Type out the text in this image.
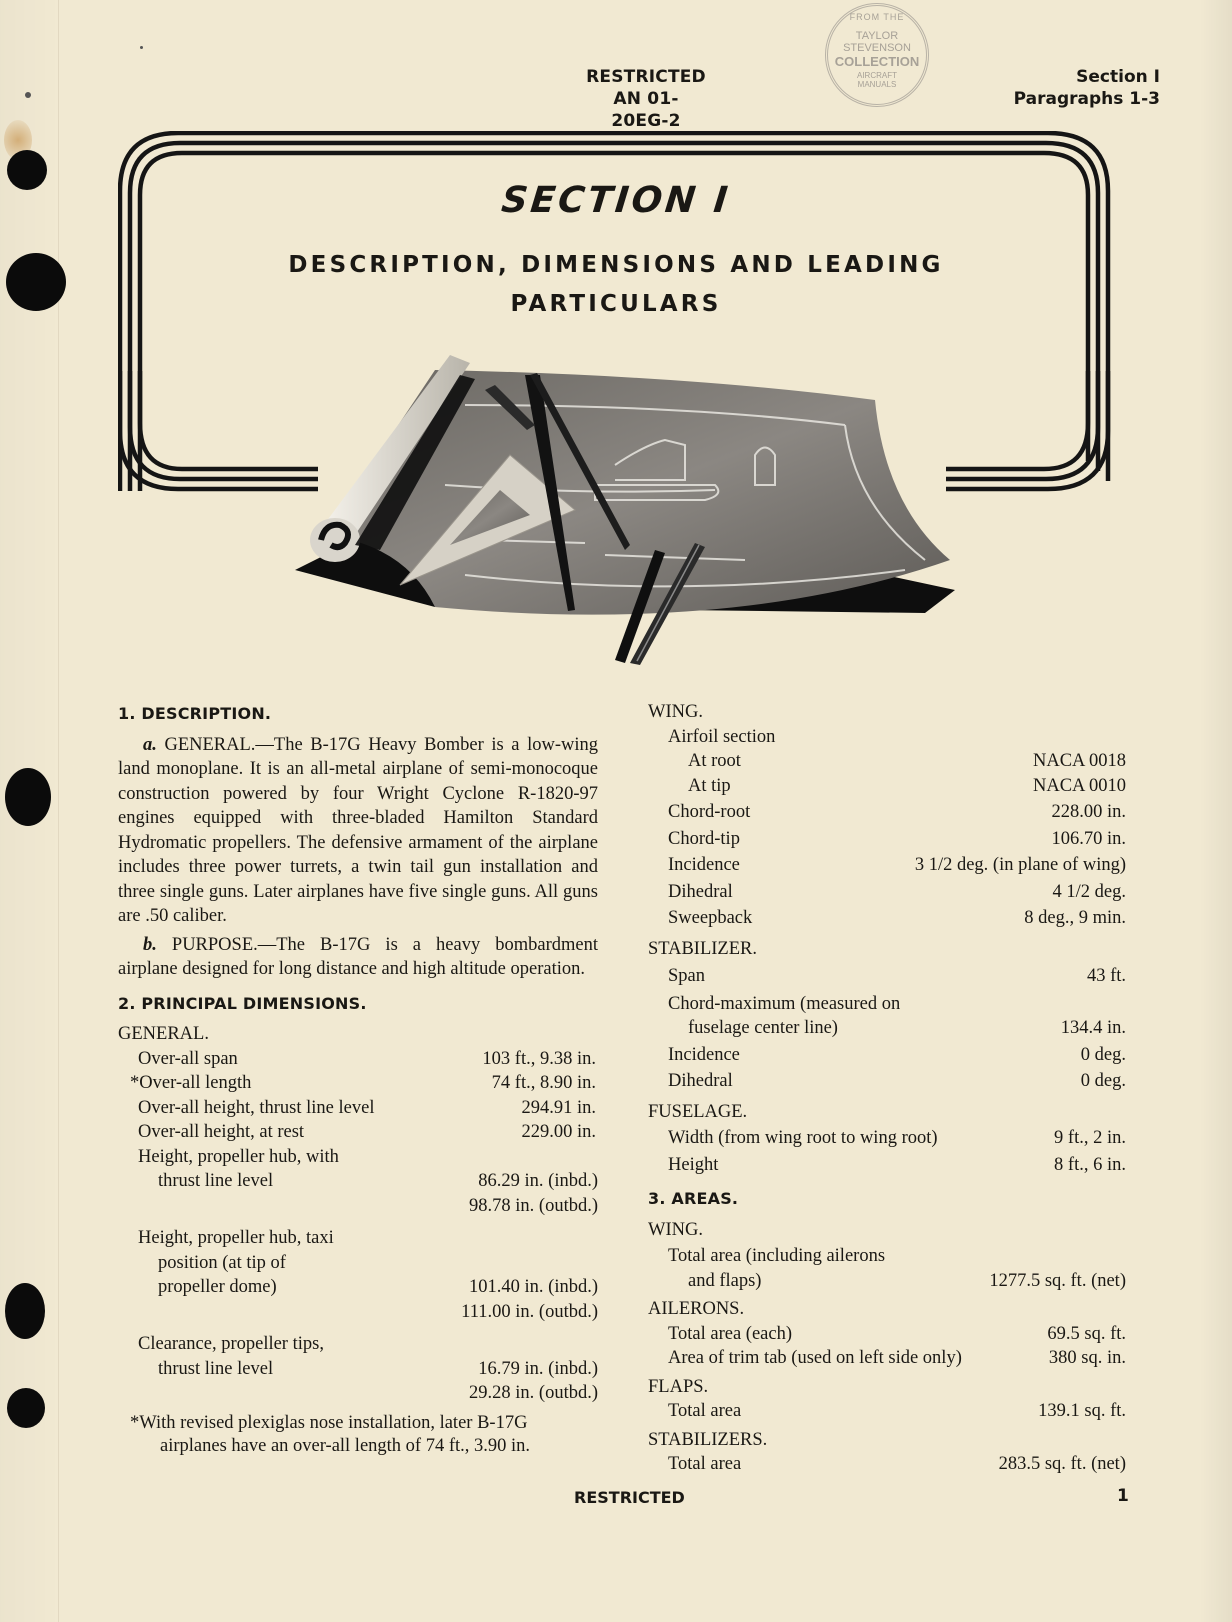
RESTRICTED
AN 01-20EG-2
FROM THE
TAYLOR
STEVENSON
COLLECTION
AIRCRAFT
MANUALS	Section I
Paragraphs 1-3
SECTION I
DESCRIPTION, DIMENSIONS AND LEADING
PARTICULARS
1. DESCRIPTION.

a. GENERAL.—The B-17G Heavy Bomber is a low-wing land monoplane. It is an all-metal airplane of semi-monocoque construction powered by four Wright Cyclone R-1820-97 engines equipped with three-bladed Hamilton Standard Hydromatic propellers. The defensive armament of the airplane includes three power turrets, a twin tail gun installation and three single guns. Later airplanes have five single guns. All guns are .50 caliber.

b. PURPOSE.—The B-17G is a heavy bombardment airplane designed for long distance and high altitude operation.

2. PRINCIPAL DIMENSIONS.
GENERAL.
Over-all span	103 ft., 9.38 in.
*Over-all length	74 ft., 8.90 in.
Over-all height, thrust line level	294.91 in.
Over-all height, at rest	229.00 in.
Height, propeller hub, with
thrust line level	86.29 in. (inbd.)
98.78 in. (outbd.)
Height, propeller hub, taxi
position (at tip of
propeller dome)	101.40 in. (inbd.)
111.00 in. (outbd.)
Clearance, propeller tips,
thrust line level	16.79 in. (inbd.)
29.28 in. (outbd.)
*With revised plexiglas nose installation, later B-17G
airplanes have an over-all length of 74 ft., 3.90 in.
WING.
Airfoil section
At root	NACA 0018
At tip	NACA 0010
Chord-root	228.00 in.
Chord-tip	106.70 in.
Incidence	3 1/2 deg. (in plane of wing)
Dihedral	4 1/2 deg.
Sweepback	8 deg., 9 min.
STABILIZER.
Span	43 ft.
Chord-maximum (measured on
fuselage center line)	134.4 in.
Incidence	0 deg.
Dihedral	0 deg.
FUSELAGE.
Width (from wing root to wing root)	9 ft., 2 in.
Height	8 ft., 6 in.
3. AREAS.
WING.
Total area (including ailerons
and flaps)	1277.5 sq. ft. (net)
AILERONS.
Total area (each)	69.5 sq. ft.
Area of trim tab (used on left side only)	380 sq. in.
FLAPS.
Total area	139.1 sq. ft.
STABILIZERS.
Total area	283.5 sq. ft. (net)
RESTRICTED	1
